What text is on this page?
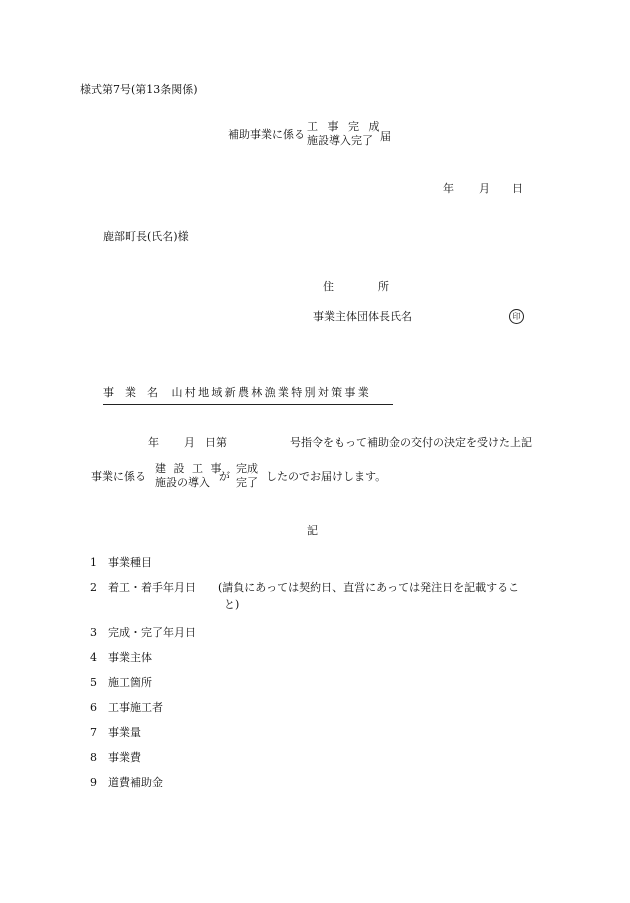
様式第7号(第13条関係)
補助事業に係る
工 事 完 成
施設導入完了 届
年 月 日
鹿部町長(氏名)様
住　　　　所
事業主体団体長氏名	印
事　業　名 山村地域新農林漁業特別対策事業
年 月 日第	号指令をもって補助金の交付の決定を受けた上記
事業に係る
建 設 工 事
施設の導入 が
完成
完了 したのでお届けします。
記
1 事業種目
2 着工・着手年月日 (請負にあっては契約日、直営にあっては発注日を記載するこ
と)
3 完成・完了年月日
4 事業主体
5 施工箇所
6 工事施工者
7 事業量
8 事業費
9 道費補助金
